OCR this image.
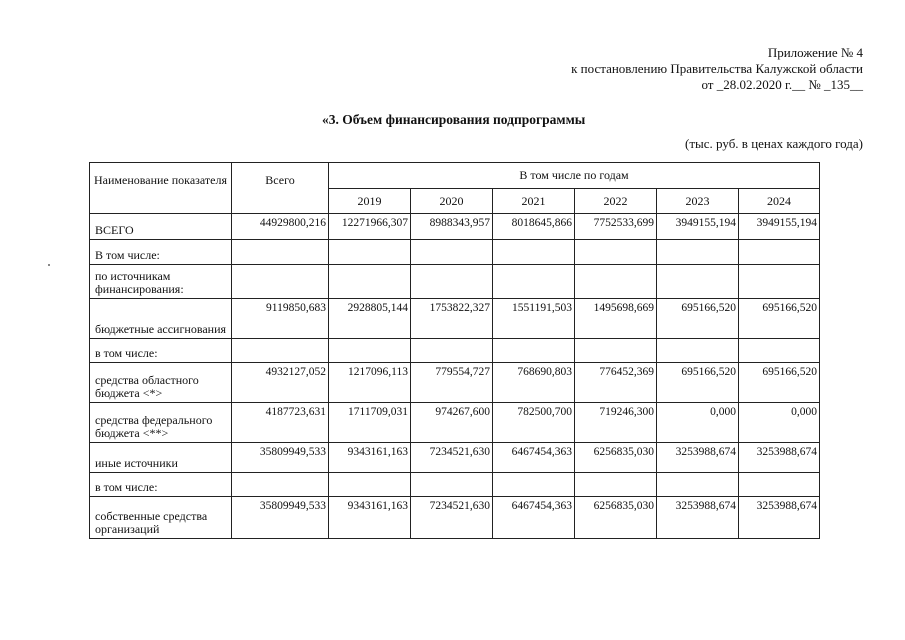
Приложение № 4
к постановлению Правительства Калужской области
от _28.02.2020 г.__ № _135__
«3. Объем финансирования подпрограммы
(тыс. руб. в ценах каждого года)
Наименование показателя	Всего	В том числе по годам					
		2019	2020	2021	2022	2023	2024
ВСЕГО	44929800,216	12271966,307	8988343,957	8018645,866	7752533,699	3949155,194	3949155,194
В том числе:							
по источникам финансирования:							
бюджетные ассигнования	9119850,683	2928805,144	1753822,327	1551191,503	1495698,669	695166,520	695166,520
в том числе:							
средства областного бюджета <*>	4932127,052	1217096,113	779554,727	768690,803	776452,369	695166,520	695166,520
средства федерального бюджета <**>	4187723,631	1711709,031	974267,600	782500,700	719246,300	0,000	0,000
иные источники	35809949,533	9343161,163	7234521,630	6467454,363	6256835,030	3253988,674	3253988,674
в том числе:							
собственные средства организаций	35809949,533	9343161,163	7234521,630	6467454,363	6256835,030	3253988,674	3253988,674
